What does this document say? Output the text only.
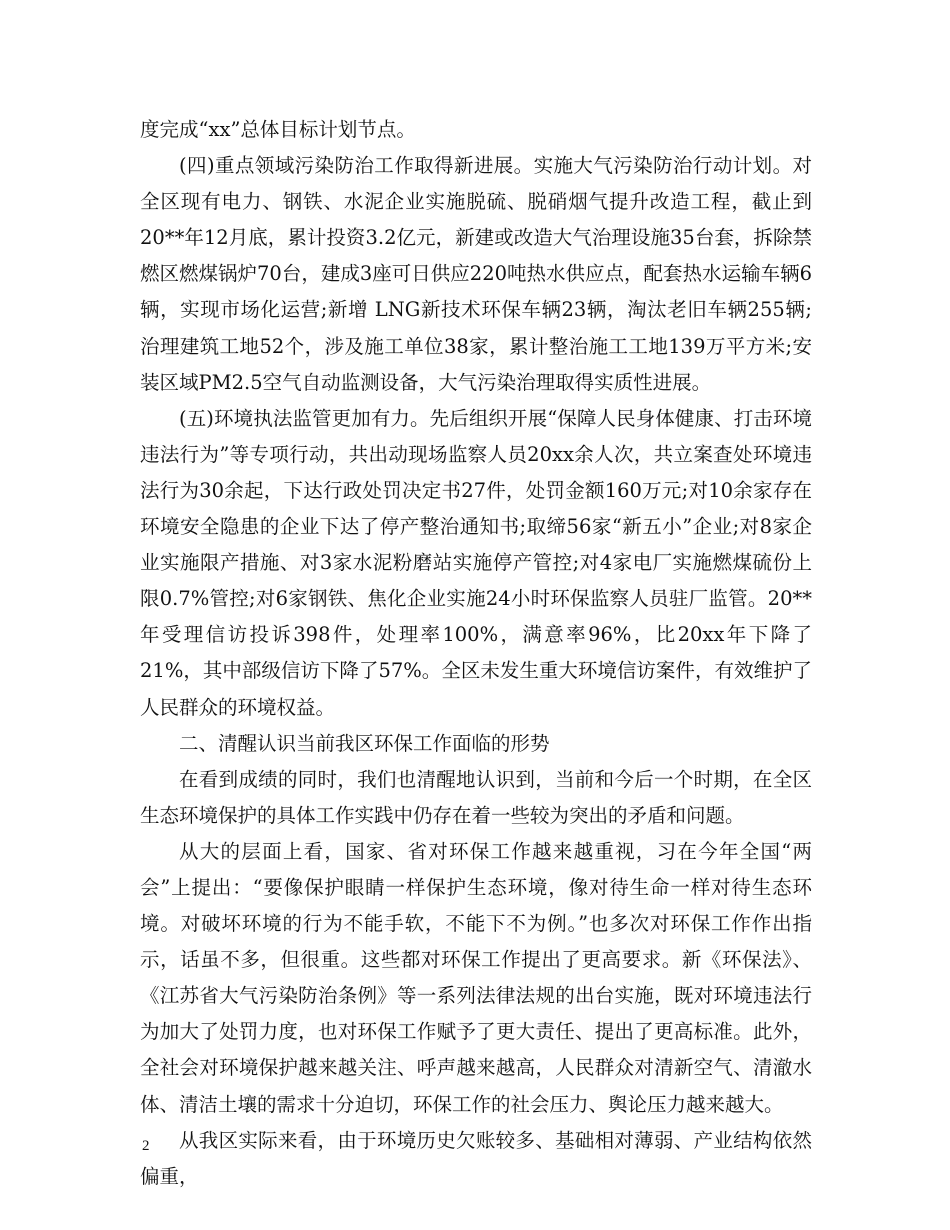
度完成“xx”总体目标计划节点。

(四)重点领域污染防治工作取得新进展。实施大气污染防治行动计划。对全区现有电力、钢铁、水泥企业实施脱硫、脱硝烟气提升改造工程，截止到20**年12月底，累计投资3.2亿元，新建或改造大气治理设施35台套，拆除禁燃区燃煤锅炉70台，建成3座可日供应220吨热水供应点，配套热水运输车辆6辆，实现市场化运营;新增 LNG新技术环保车辆23辆，淘汰老旧车辆255辆;治理建筑工地52个，涉及施工单位38家，累计整治施工工地139万平方米;安装区域PM2.5空气自动监测设备，大气污染治理取得实质性进展。

(五)环境执法监管更加有力。先后组织开展“保障人民身体健康、打击环境违法行为”等专项行动，共出动现场监察人员20xx余人次，共立案查处环境违法行为30余起，下达行政处罚决定书27件，处罚金额160万元;对10余家存在环境安全隐患的企业下达了停产整治通知书;取缔56家“新五小”企业;对8家企业实施限产措施、对3家水泥粉磨站实施停产管控;对4家电厂实施燃煤硫份上限0.7%管控;对6家钢铁、焦化企业实施24小时环保监察人员驻厂监管。20**年受理信访投诉398件，处理率100%，满意率96%，比20xx年下降了21%，其中部级信访下降了57%。全区未发生重大环境信访案件，有效维护了人民群众的环境权益。

二、清醒认识当前我区环保工作面临的形势

在看到成绩的同时，我们也清醒地认识到，当前和今后一个时期，在全区生态环境保护的具体工作实践中仍存在着一些较为突出的矛盾和问题。

从大的层面上看，国家、省对环保工作越来越重视，习在今年全国“两会”上提出：“要像保护眼睛一样保护生态环境，像对待生命一样对待生态环境。对破坏环境的行为不能手软，不能下不为例。”也多次对环保工作作出指示，话虽不多，但很重。这些都对环保工作提出了更高要求。新《环保法》、《江苏省大气污染防治条例》等一系列法律法规的出台实施，既对环境违法行为加大了处罚力度，也对环保工作赋予了更大责任、提出了更高标准。此外，全社会对环境保护越来越关注、呼声越来越高，人民群众对清新空气、清澈水体、清洁土壤的需求十分迫切，环保工作的社会压力、舆论压力越来越大。

从我区实际来看，由于环境历史欠账较多、基础相对薄弱、产业结构依然偏重，

2
